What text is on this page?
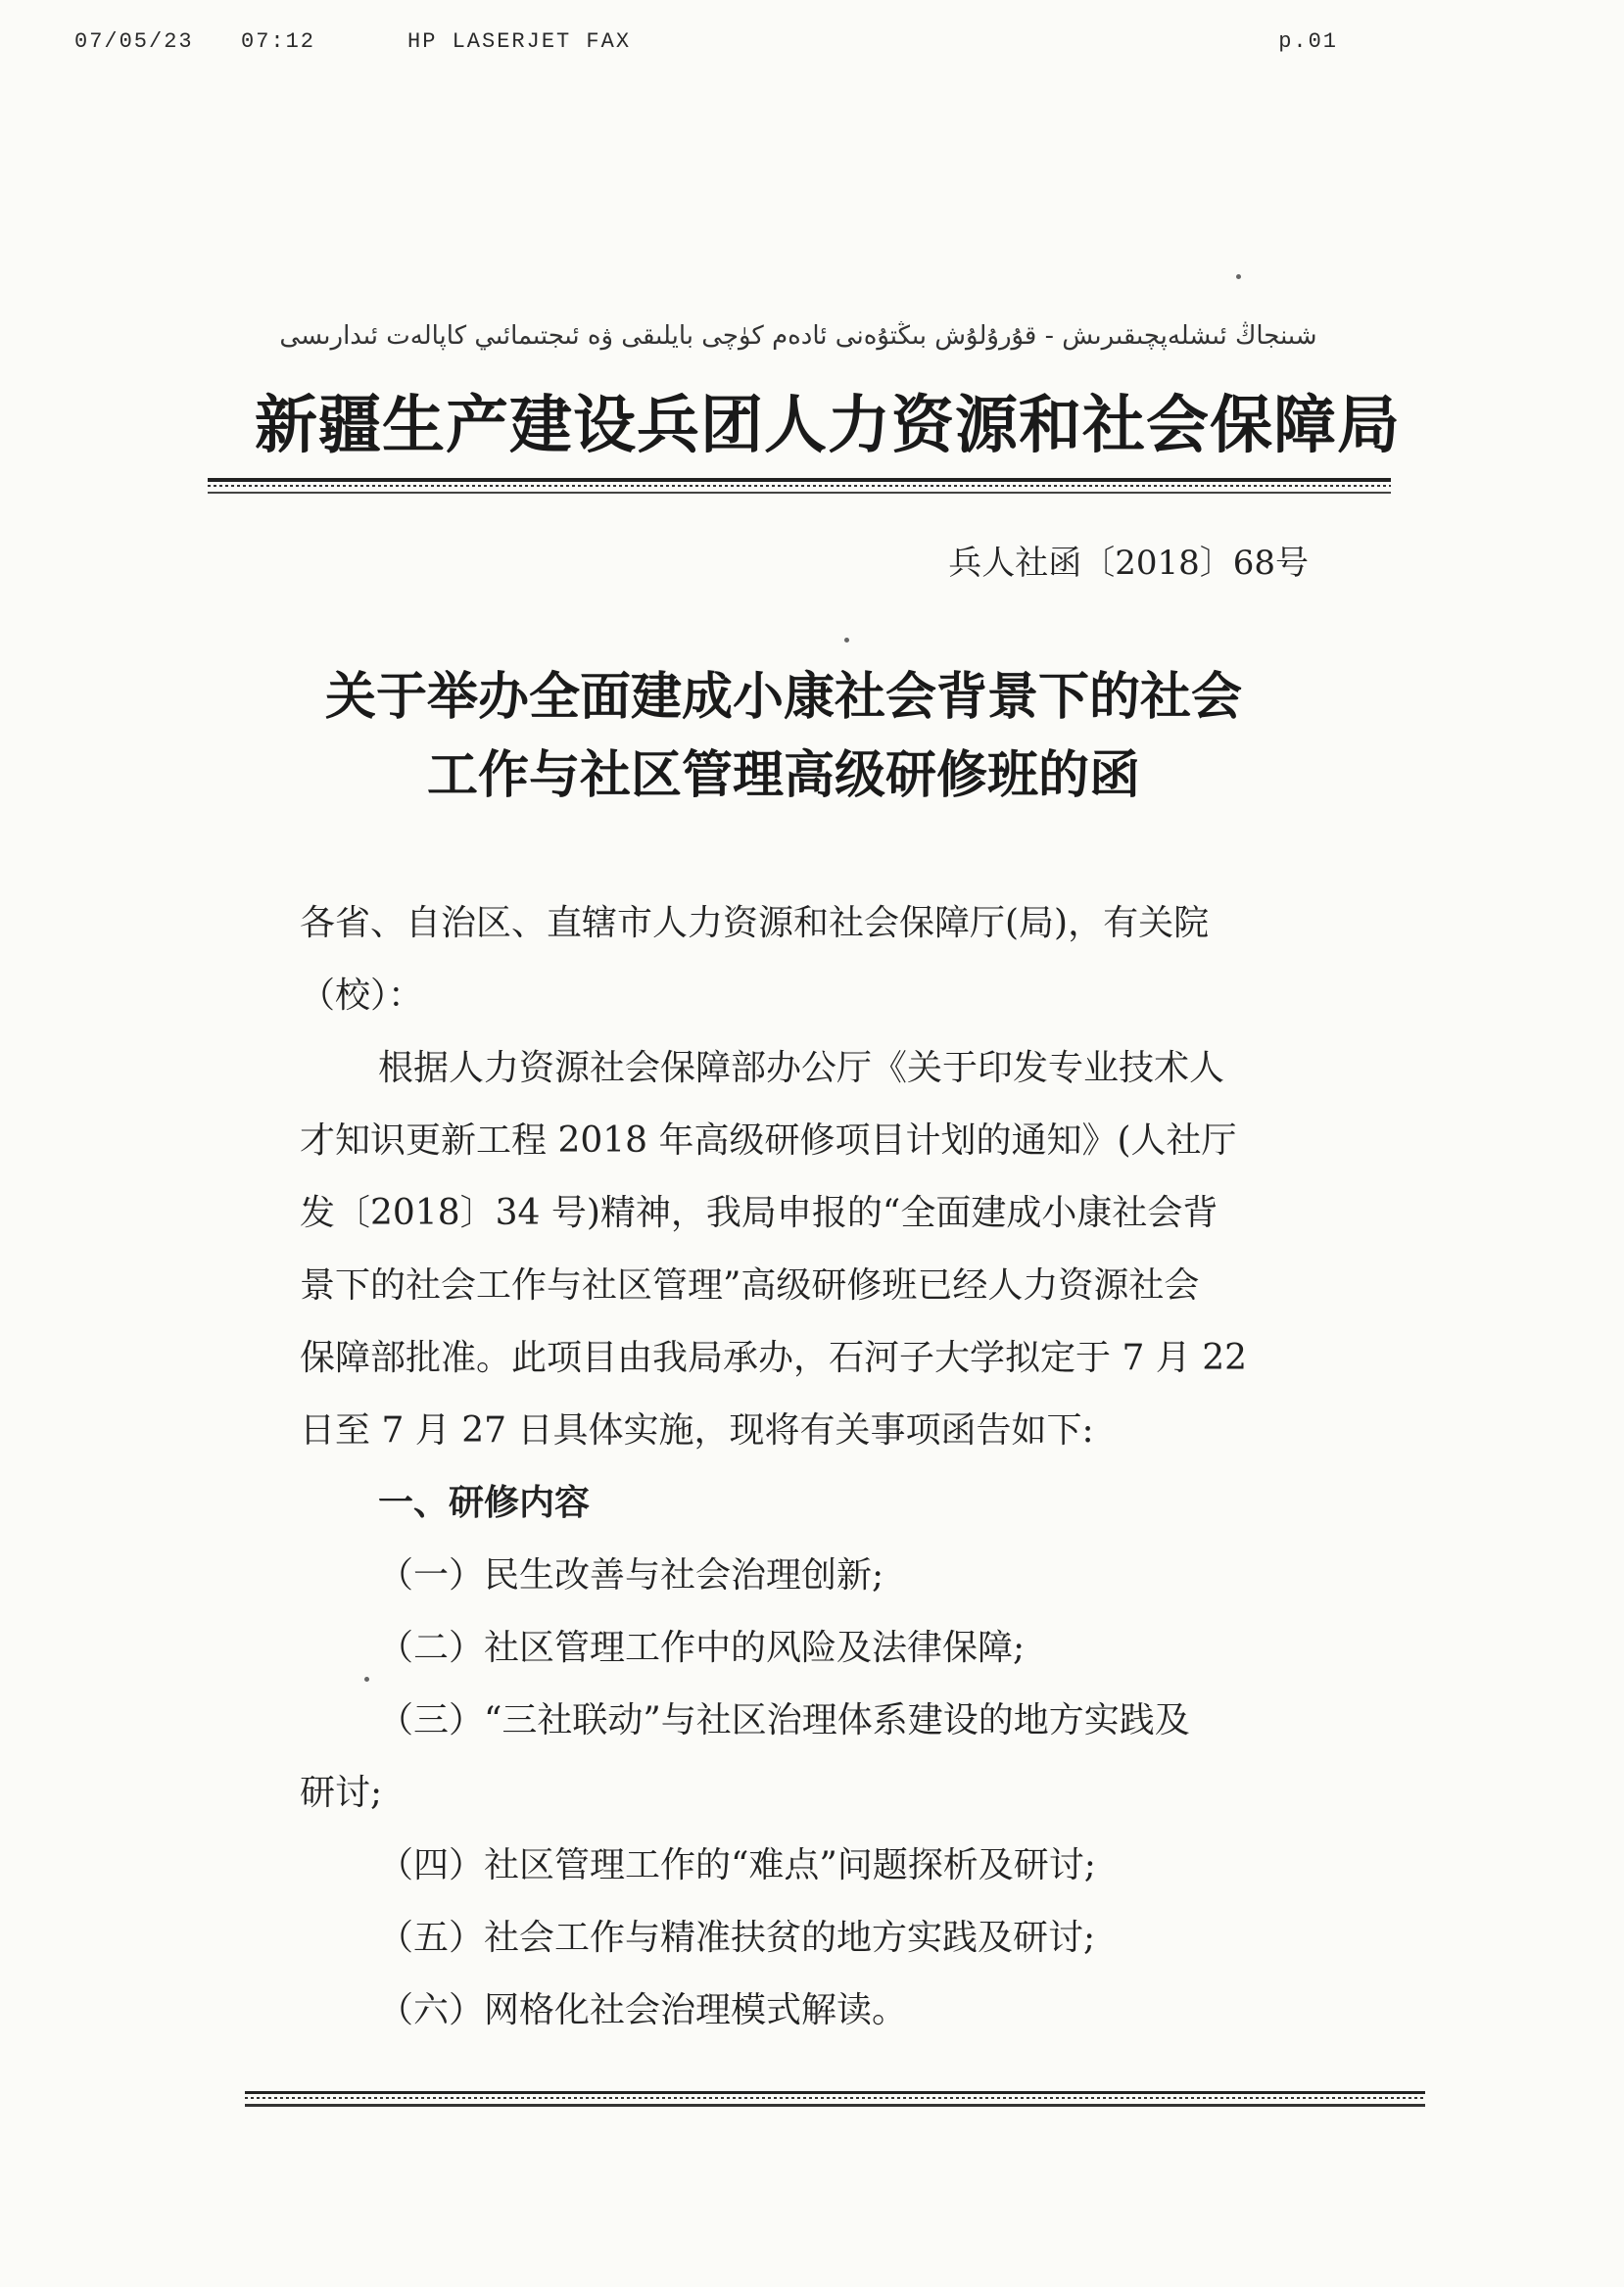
07/05/23 07:12	HP LASERJET FAX	p.01
شىنجاڭ ئىشلەپچىقىرىش - قۇرۇلۇش بىڭتۇەنى ئادەم كۈچى بايلىقى ۋە ئىجتىمائىي كاپالەت ئىدارىسى
新疆生产建设兵团人力资源和社会保障局
兵人社函〔2018〕68号
关于举办全面建成小康社会背景下的社会
工作与社区管理高级研修班的函
各省、自治区、直辖市人力资源和社会保障厅(局)，有关院
（校）：
根据人力资源社会保障部办公厅《关于印发专业技术人
才知识更新工程 2018 年高级研修项目计划的通知》(人社厅
发〔2018〕34 号)精神，我局申报的“全面建成小康社会背
景下的社会工作与社区管理”高级研修班已经人力资源社会
保障部批准。此项目由我局承办，石河子大学拟定于 7 月 22
日至 7 月 27 日具体实施，现将有关事项函告如下:
一、研修内容
（一）民生改善与社会治理创新;
（二）社区管理工作中的风险及法律保障;
（三）“三社联动”与社区治理体系建设的地方实践及
研讨;
（四）社区管理工作的“难点”问题探析及研讨;
（五）社会工作与精准扶贫的地方实践及研讨;
（六）网格化社会治理模式解读。
